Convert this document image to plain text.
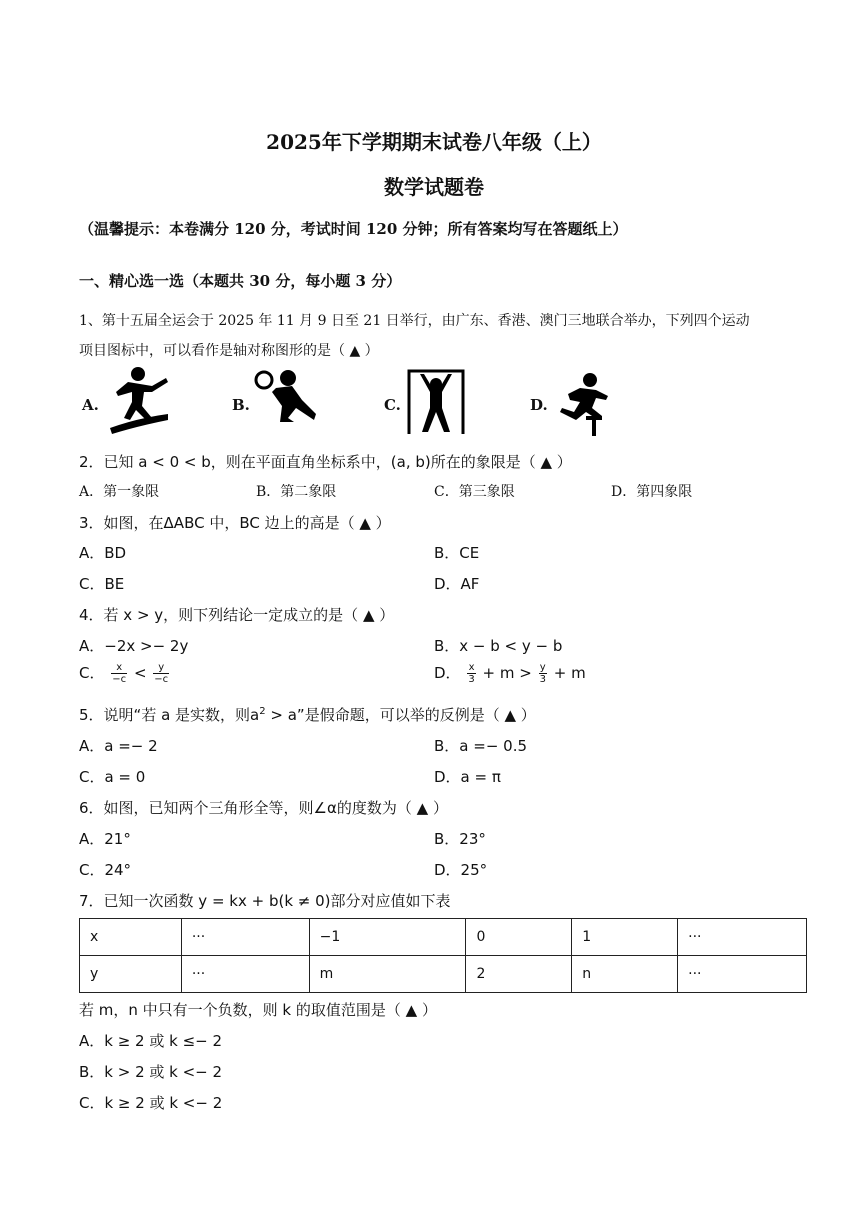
2025年下学期期末试卷八年级（上）
数学试题卷
（温馨提示：本卷满分 120 分，考试时间 120 分钟；所有答案均写在答题纸上）
一、精心选一选（本题共 30 分，每小题 3 分）
1、第十五届全运会于 2025 年 11 月 9 日至 21 日举行，由广东、香港、澳门三地联合举办，下列四个运动
项目图标中，可以看作是轴对称图形的是（ ▲ ）
A.	B.	C.	D.
2．已知 a < 0 < b，则在平面直角坐标系中，(a, b)所在的象限是（ ▲ ）
A．第一象限	B．第二象限	C．第三象限	D．第四象限
3．如图，在ΔABC 中，BC 边上的高是（ ▲ ）
A．BD	B．CE
C．BE	D．AF
4．若 x > y，则下列结论一定成立的是（ ▲ ）
A．−2x >− 2y	B．x − b < y − b
C． $\frac{x}{-c} < \frac{y}{-c}$	D． $\frac{x}{3} + m > \frac{y}{3} + m$
5．说明“若 a 是实数，则$a^2 > a$”是假命题，可以举的反例是（ ▲ ）
A．a =− 2	B．a =− 0.5
C．a = 0	D．a = π
6．如图，已知两个三角形全等，则∠α的度数为（ ▲ ）
A．21°	B．23°
C．24°	D．25°
7．已知一次函数 y = kx + b(k ≠ 0)部分对应值如下表
x	···	−1	0	1	···
y	···	m	2	n	···
若 m，n 中只有一个负数，则 k 的取值范围是（ ▲ ）
A．k ≥ 2 或 k ≤− 2
B．k > 2 或 k <− 2
C．k ≥ 2 或 k <− 2
